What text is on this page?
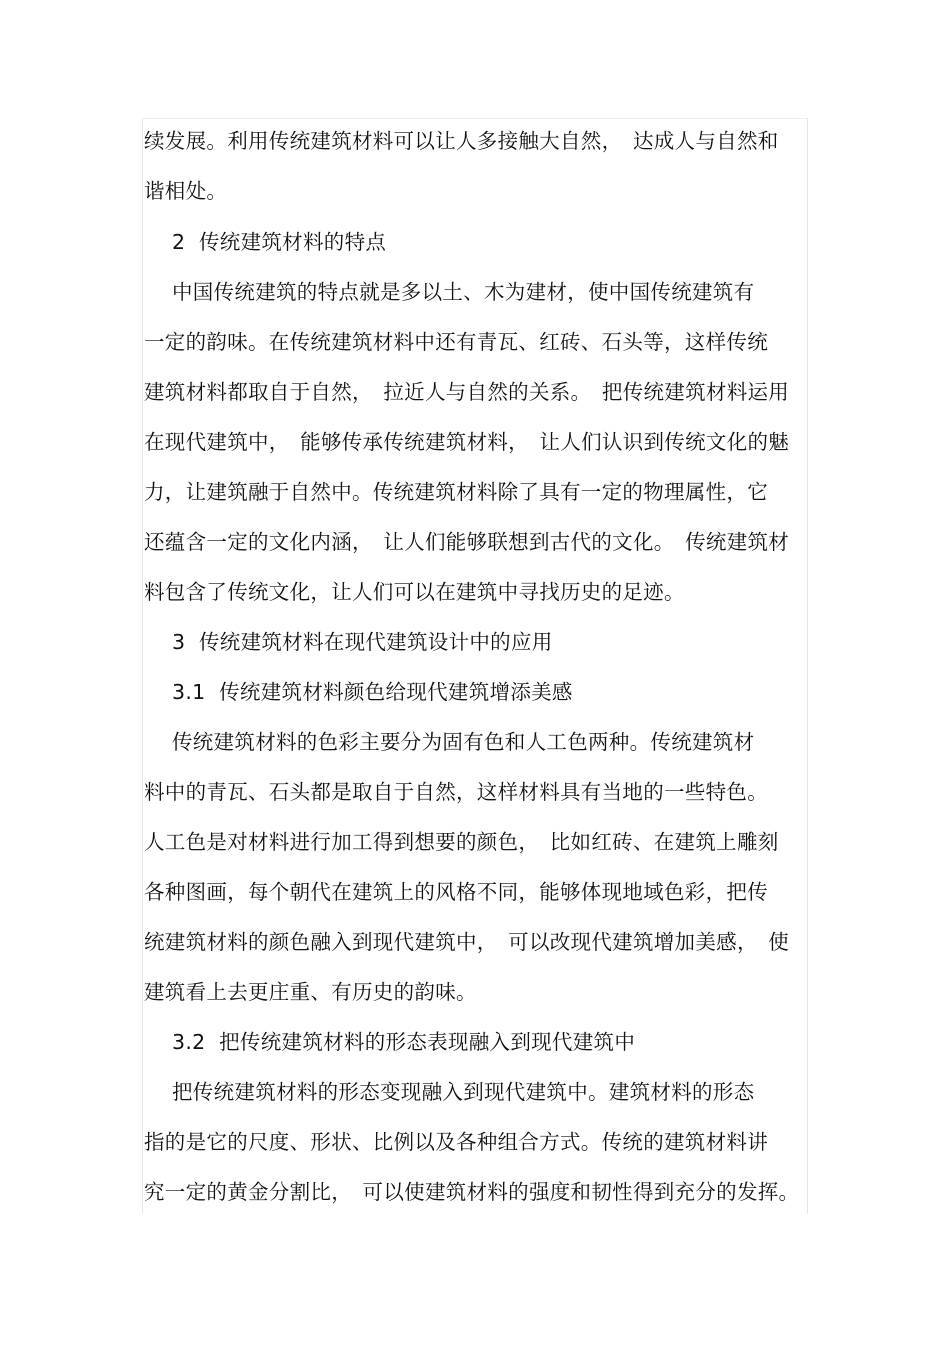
续发展。利用传统建筑材料可以让人多接触大自然，　达成人与自然和
谐相处。
2  传统建筑材料的特点
中国传统建筑的特点就是多以土、木为建材，使中国传统建筑有
一定的韵味。在传统建筑材料中还有青瓦、红砖、石头等，这样传统
建筑材料都取自于自然，　拉近人与自然的关系。　把传统建筑材料运用
在现代建筑中，　能够传承传统建筑材料，　让人们认识到传统文化的魅
力，让建筑融于自然中。传统建筑材料除了具有一定的物理属性，它
还蕴含一定的文化内涵，　让人们能够联想到古代的文化。　传统建筑材
料包含了传统文化，让人们可以在建筑中寻找历史的足迹。
3  传统建筑材料在现代建筑设计中的应用
3.1  传统建筑材料颜色给现代建筑增添美感
传统建筑材料的色彩主要分为固有色和人工色两种。传统建筑材
料中的青瓦、石头都是取自于自然，这样材料具有当地的一些特色。
人工色是对材料进行加工得到想要的颜色，　比如红砖、在建筑上雕刻
各种图画，每个朝代在建筑上的风格不同，能够体现地域色彩，把传
统建筑材料的颜色融入到现代建筑中，　可以改现代建筑增加美感，　使
建筑看上去更庄重、有历史的韵味。
3.2  把传统建筑材料的形态表现融入到现代建筑中
把传统建筑材料的形态变现融入到现代建筑中。建筑材料的形态
指的是它的尺度、形状、比例以及各种组合方式。传统的建筑材料讲
究一定的黄金分割比，　可以使建筑材料的强度和韧性得到充分的发挥。
